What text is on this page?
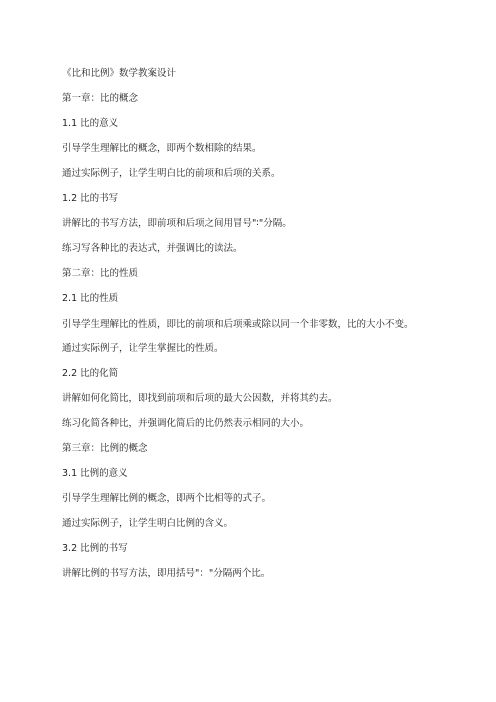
《比和比例》数学教案设计

第一章：比的概念

1.1 比的意义

引导学生理解比的概念，即两个数相除的结果。

通过实际例子，让学生明白比的前项和后项的关系。

1.2 比的书写

讲解比的书写方法，即前项和后项之间用冒号"∶"分隔。

练习写各种比的表达式，并强调比的读法。

第二章：比的性质

2.1 比的性质

引导学生理解比的性质，即比的前项和后项乘或除以同一个非零数，比的大小不变。

通过实际例子，让学生掌握比的性质。

2.2 比的化简

讲解如何化简比，即找到前项和后项的最大公因数，并将其约去。

练习化简各种比，并强调化简后的比仍然表示相同的大小。

第三章：比例的概念

3.1 比例的意义

引导学生理解比例的概念，即两个比相等的式子。

通过实际例子，让学生明白比例的含义。

3.2 比例的书写

讲解比例的书写方法，即用括号"："分隔两个比。
